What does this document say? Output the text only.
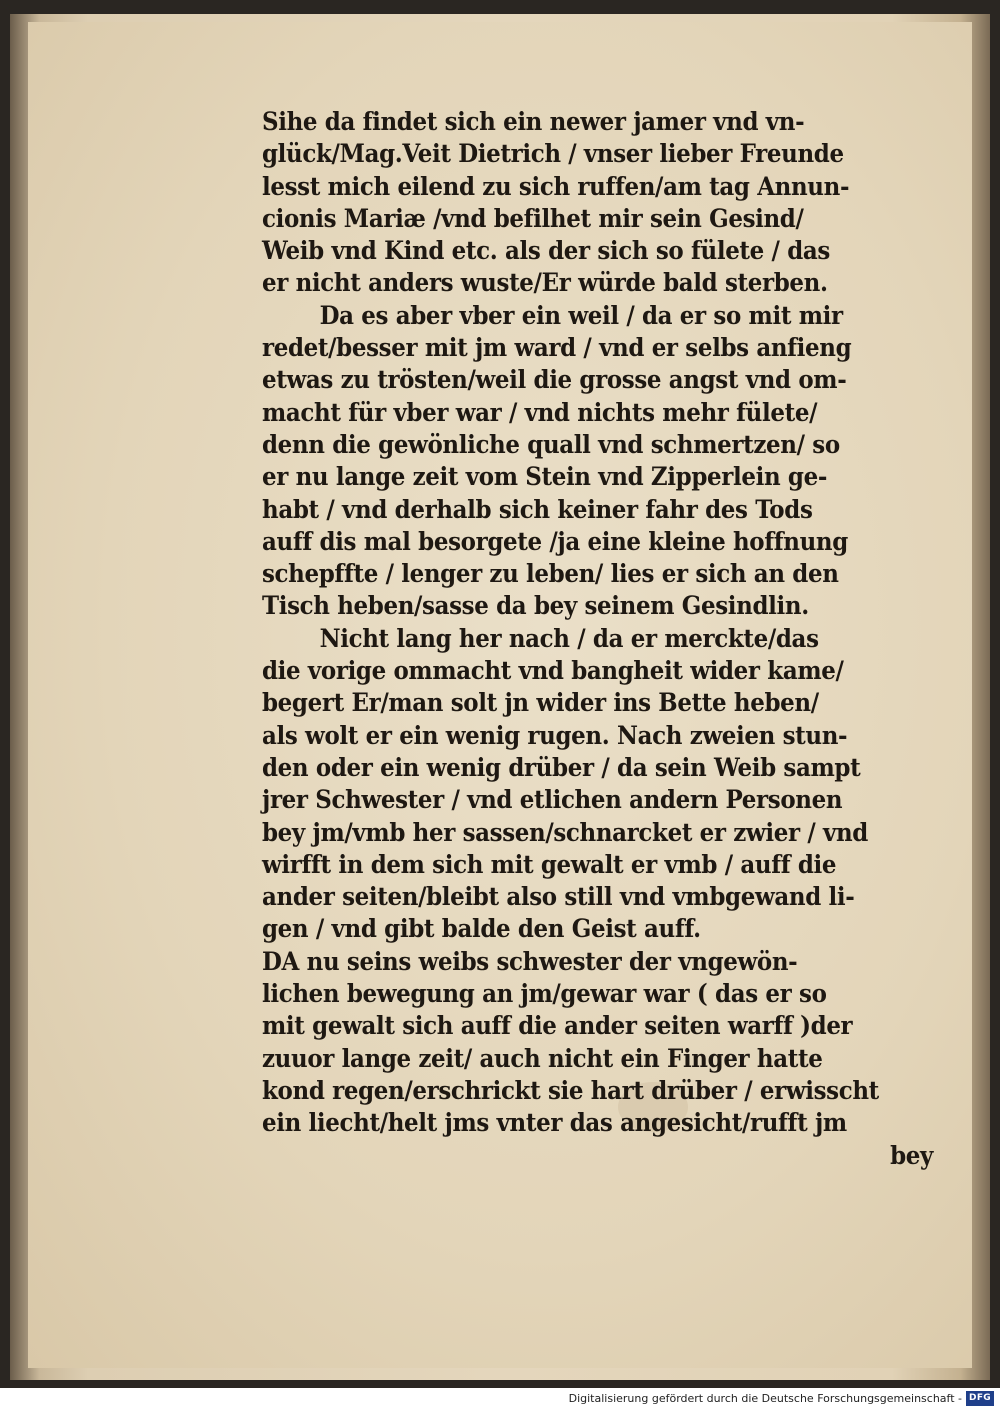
Sihe da findet sich ein newer jamer vnd vn-
glück/Mag.Veit Dietrich / vnser lieber Freunde
lesst mich eilend zu sich ruffen/am tag Annun-
cionis Mariæ /vnd befilhet mir sein Gesind/
Weib vnd Kind etc. als der sich so fülete / das
er nicht anders wuste/Er würde bald sterben.
Da es aber vber ein weil / da er so mit mir
redet/besser mit jm ward / vnd er selbs anfieng
etwas zu trösten/weil die grosse angst vnd om-
macht für vber war / vnd nichts mehr fülete/
denn die gewönliche quall vnd schmertzen/ so
er nu lange zeit vom Stein vnd Zipperlein ge-
habt / vnd derhalb sich keiner fahr des Tods
auff dis mal besorgete /ja eine kleine hoffnung
schepffte / lenger zu leben/ lies er sich an den
Tisch heben/sasse da bey seinem Gesindlin.
Nicht lang her nach / da er merckte/das
die vorige ommacht vnd bangheit wider kame/
begert Er/man solt jn wider ins Bette heben/
als wolt er ein wenig rugen. Nach zweien stun-
den oder ein wenig drüber / da sein Weib sampt
jrer Schwester / vnd etlichen andern Personen
bey jm/vmb her sassen/schnarcket er zwier / vnd
wirfft in dem sich mit gewalt er vmb / auff die
ander seiten/bleibt also still vnd vmbgewand li-
gen / vnd gibt balde den Geist auff.
DA nu seins weibs schwester der vngewön-
lichen bewegung an jm/gewar war ( das er so
mit gewalt sich auff die ander seiten warff )der
zuuor lange zeit/ auch nicht ein Finger hatte
kond regen/erschrickt sie hart drüber / erwisscht
ein liecht/helt jms vnter das angesicht/rufft jm
bey
Digitalisierung gefördert durch die Deutsche Forschungsgemeinschaft - DFG
